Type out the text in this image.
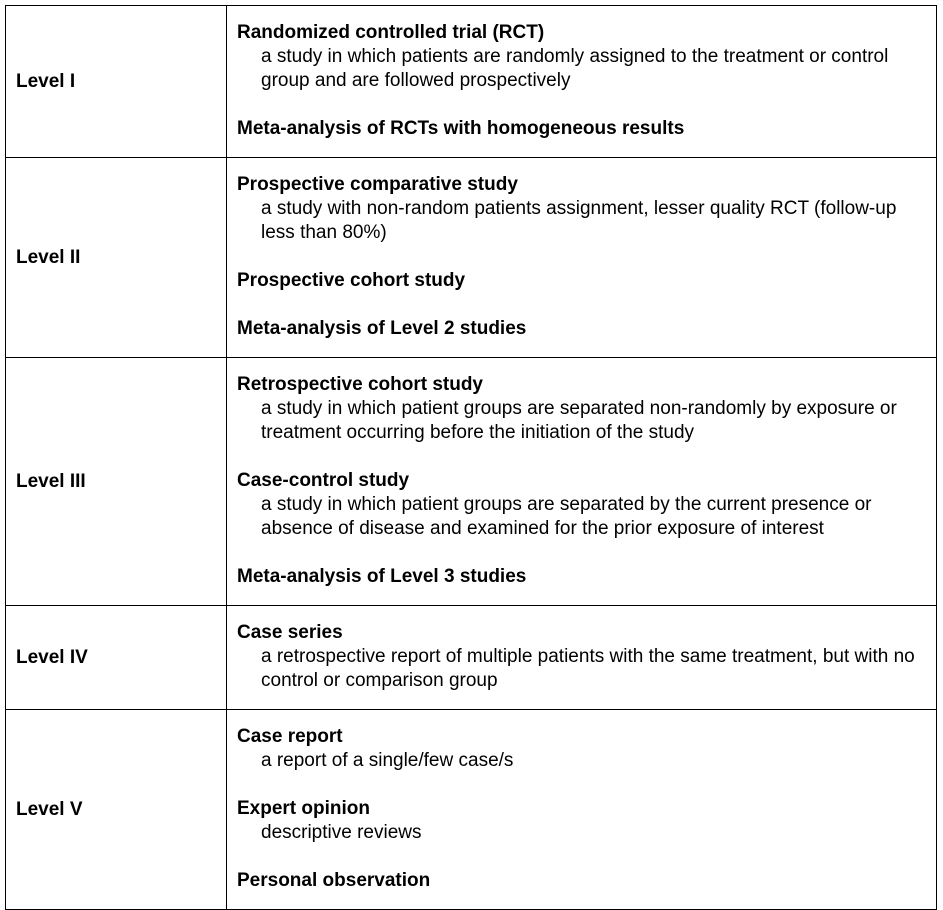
Level I	Randomized controlled trial (RCT)
a study in which patients are randomly assigned to the treatment or control group and are followed prospectively
Meta-analysis of RCTs with homogeneous results

Level II	Prospective comparative study
a study with non-random patients assignment, lesser quality RCT (follow-up less than 80%)
Prospective cohort study
Meta-analysis of Level 2 studies

Level III	Retrospective cohort study
a study in which patient groups are separated non-randomly by exposure or treatment occurring before the initiation of the study
Case-control study
a study in which patient groups are separated by the current presence or absence of disease and examined for the prior exposure of interest
Meta-analysis of Level 3 studies

Level IV	Case series
a retrospective report of multiple patients with the same treatment, but with no control or comparison group

Level V	Case report
a report of a single/few case/s
Expert opinion
descriptive reviews
Personal observation
